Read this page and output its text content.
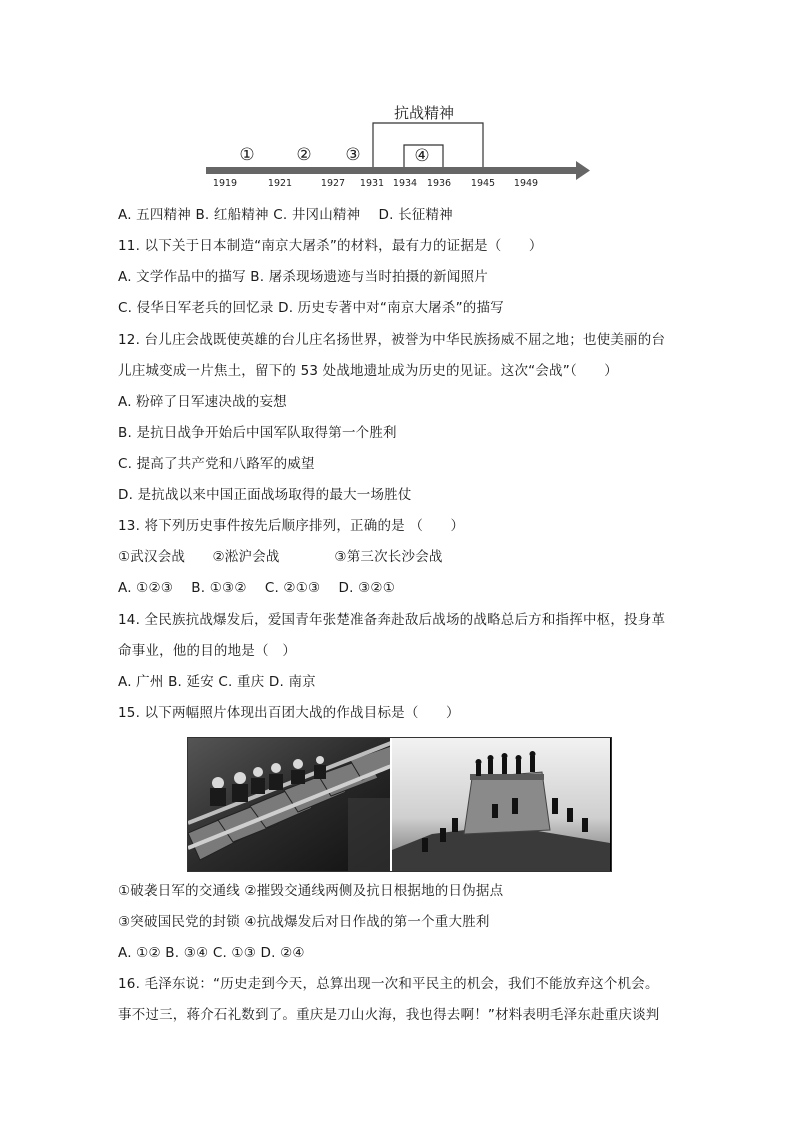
抗战精神
① ② ③	④
1919	1921	1927 1931 1934 1936 1945 1949
A. 五四精神 B. 红船精神 C. 井冈山精神　 D. 长征精神
11. 以下关于日本制造“南京大屠杀”的材料，最有力的证据是（　　）
A. 文学作品中的描写 B. 屠杀现场遗迹与当时拍摄的新闻照片
C. 侵华日军老兵的回忆录 D. 历史专著中对“南京大屠杀”的描写
12. 台儿庄会战既使英雄的台儿庄名扬世界，被誉为中华民族扬威不屈之地；也使美丽的台
儿庄城变成一片焦土，留下的 53 处战地遗址成为历史的见证。这次“会战”（　　）
A. 粉碎了日军速决战的妄想
B. 是抗日战争开始后中国军队取得第一个胜利
C. 提高了共产党和八路军的威望
D. 是抗战以来中国正面战场取得的最大一场胜仗
13. 将下列历史事件按先后顺序排列，正确的是 （　　）
①武汉会战　　②淞沪会战　　　　③第三次长沙会战
A. ①②③　 B. ①③②　 C. ②①③　 D. ③②①
14. 全民族抗战爆发后，爱国青年张楚准备奔赴敌后战场的战略总后方和指挥中枢，投身革
命事业，他的目的地是（　）
A. 广州 B. 延安 C. 重庆 D. 南京
15. 以下两幅照片体现出百团大战的作战目标是（　　）
①破袭日军的交通线 ②摧毁交通线两侧及抗日根据地的日伪据点
③突破国民党的封锁 ④抗战爆发后对日作战的第一个重大胜利
A. ①② B. ③④ C. ①③ D. ②④
16. 毛泽东说：“历史走到今天，总算出现一次和平民主的机会，我们不能放弃这个机会。
事不过三，蒋介石礼数到了。重庆是刀山火海，我也得去啊！”材料表明毛泽东赴重庆谈判
